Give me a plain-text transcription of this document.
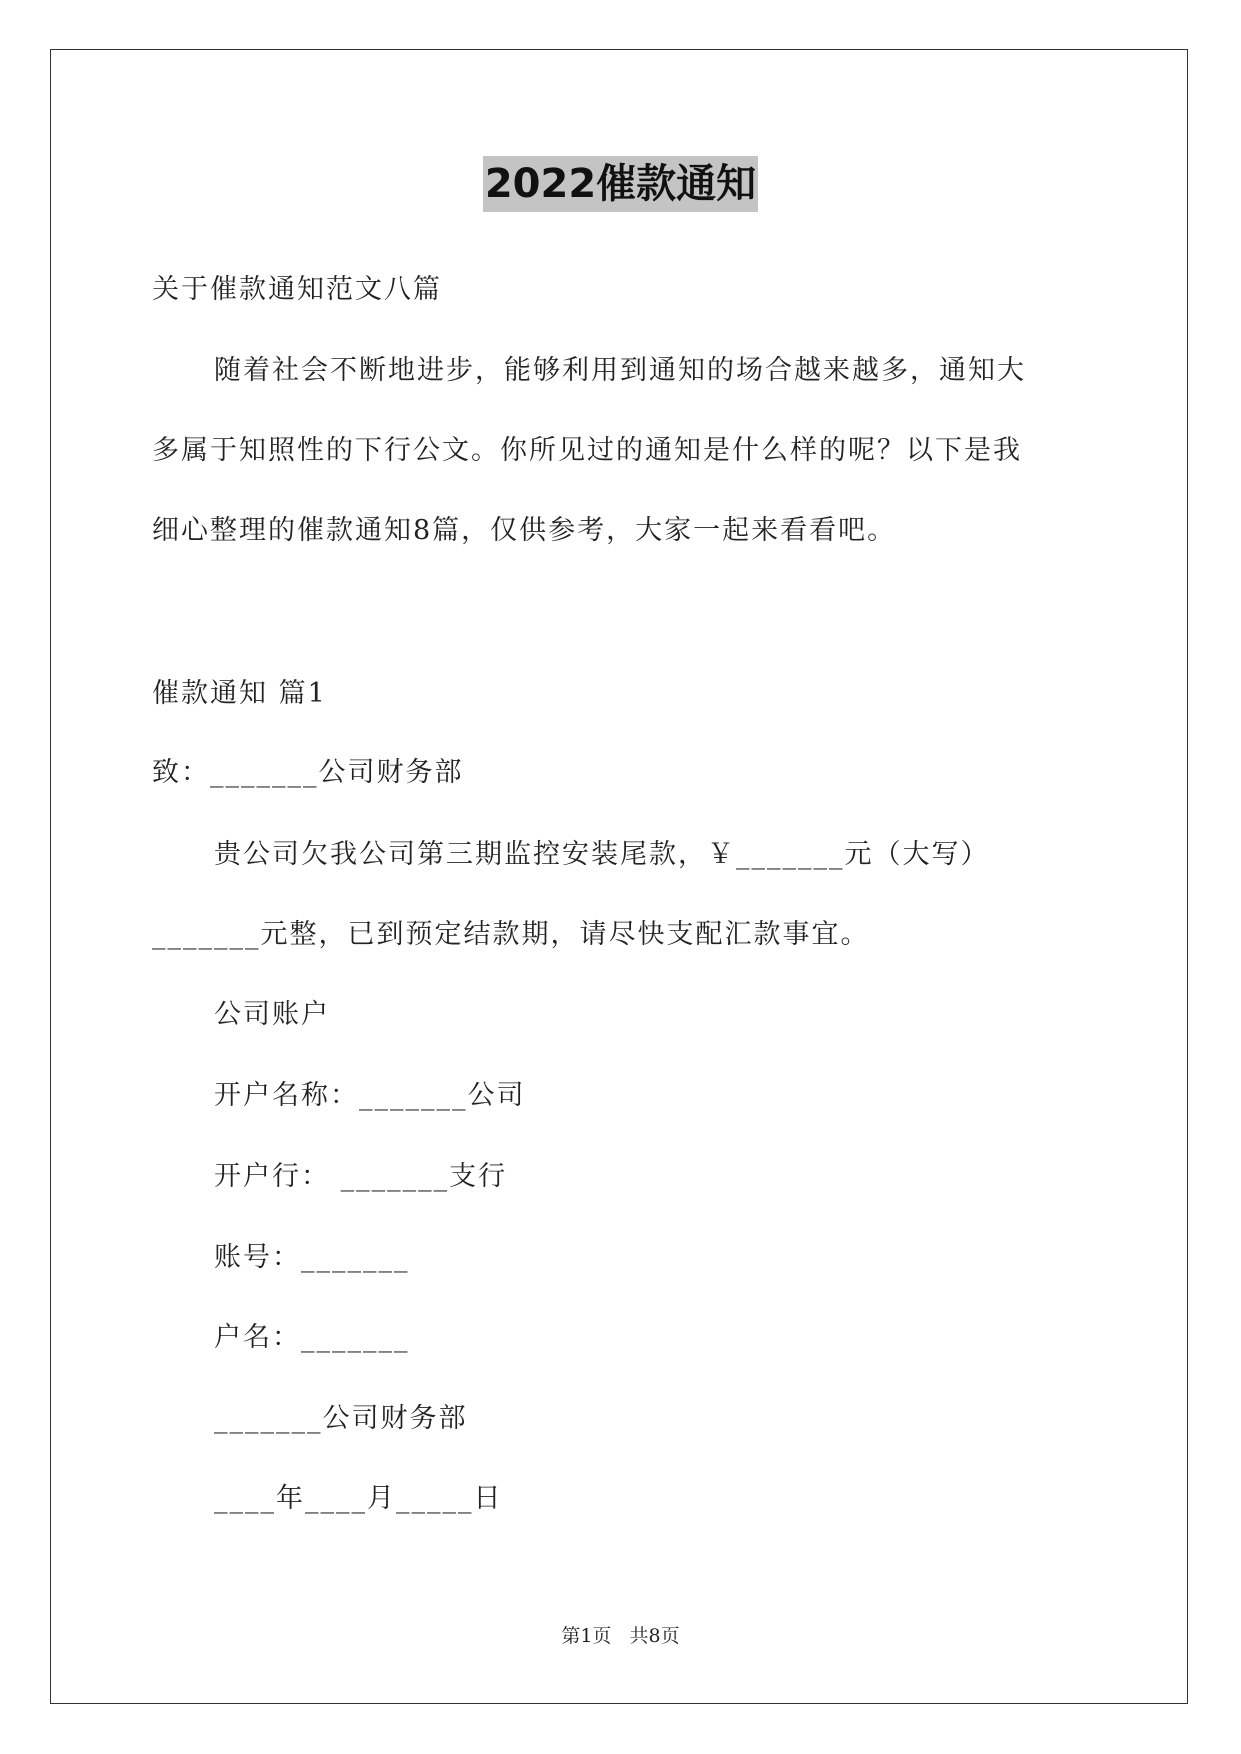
2022催款通知
关于催款通知范文八篇
随着社会不断地进步，能够利用到通知的场合越来越多，通知大
多属于知照性的下行公文。你所见过的通知是什么样的呢？以下是我
细心整理的催款通知8篇，仅供参考，大家一起来看看吧。
催款通知 篇1
致：_______公司财务部
贵公司欠我公司第三期监控安装尾款，￥_______元（大写）
_______元整，已到预定结款期，请尽快支配汇款事宜。
公司账户
开户名称：_______公司
开户行： _______支行
账号：_______
户名：_______
_______公司财务部
____年____月_____日
第1页   共8页
